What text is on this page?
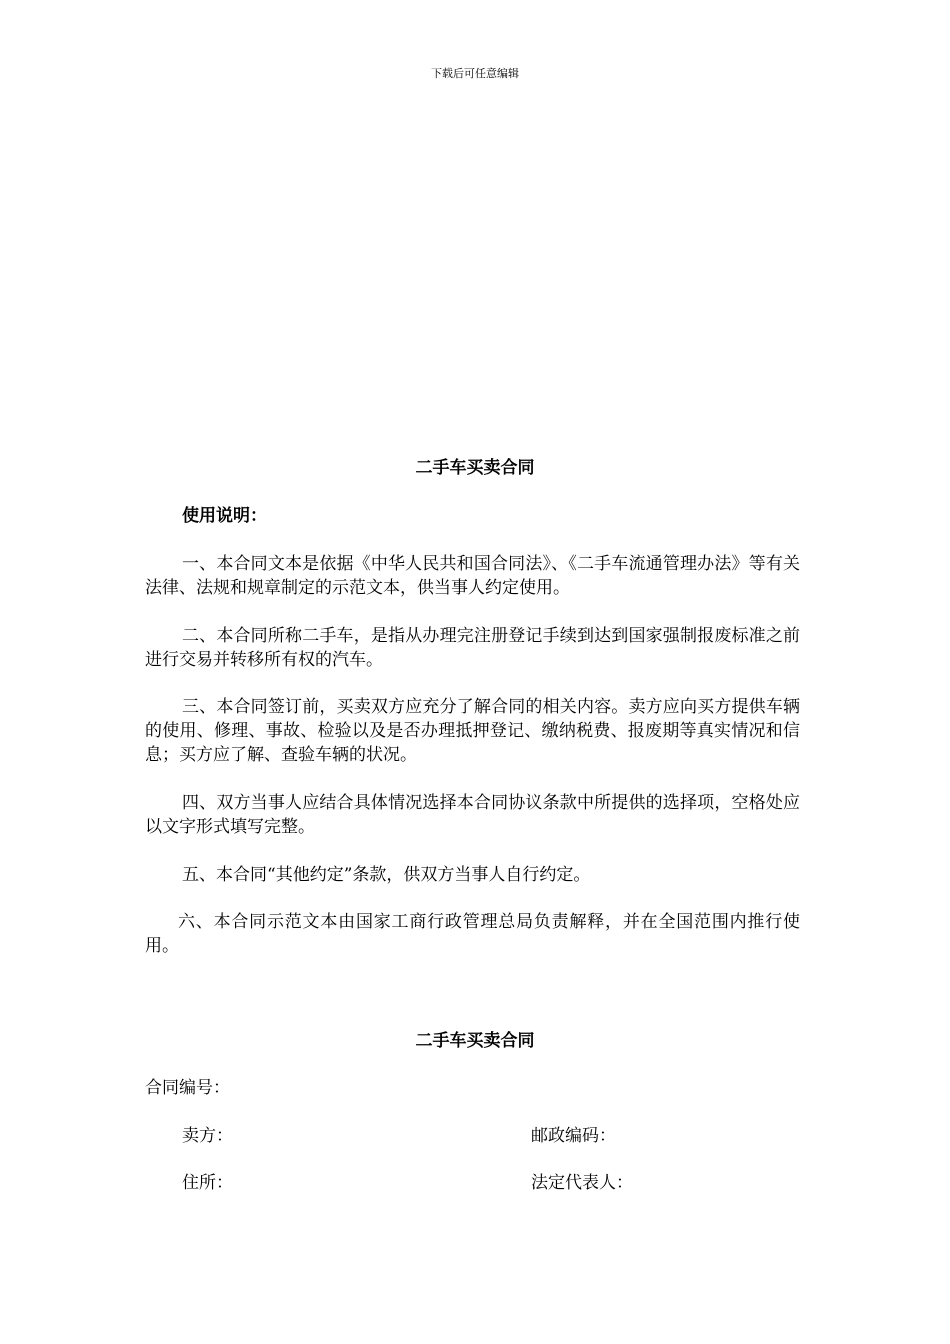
下载后可任意编辑
二手车买卖合同
使用说明：
一、本合同文本是依据《中华人民共和国合同法》、《二手车流通管理办法》等有关法律、法规和规章制定的示范文本，供当事人约定使用。
二、本合同所称二手车，是指从办理完注册登记手续到达到国家强制报废标准之前进行交易并转移所有权的汽车。
三、本合同签订前，买卖双方应充分了解合同的相关内容。卖方应向买方提供车辆的使用、修理、事故、检验以及是否办理抵押登记、缴纳税费、报废期等真实情况和信息；买方应了解、查验车辆的状况。
四、双方当事人应结合具体情况选择本合同协议条款中所提供的选择项，空格处应以文字形式填写完整。
五、本合同“其他约定”条款，供双方当事人自行约定。
六、本合同示范文本由国家工商行政管理总局负责解释，并在全国范围内推行使用。
二手车买卖合同
合同编号：
卖方：	邮政编码：
住所：	法定代表人：
